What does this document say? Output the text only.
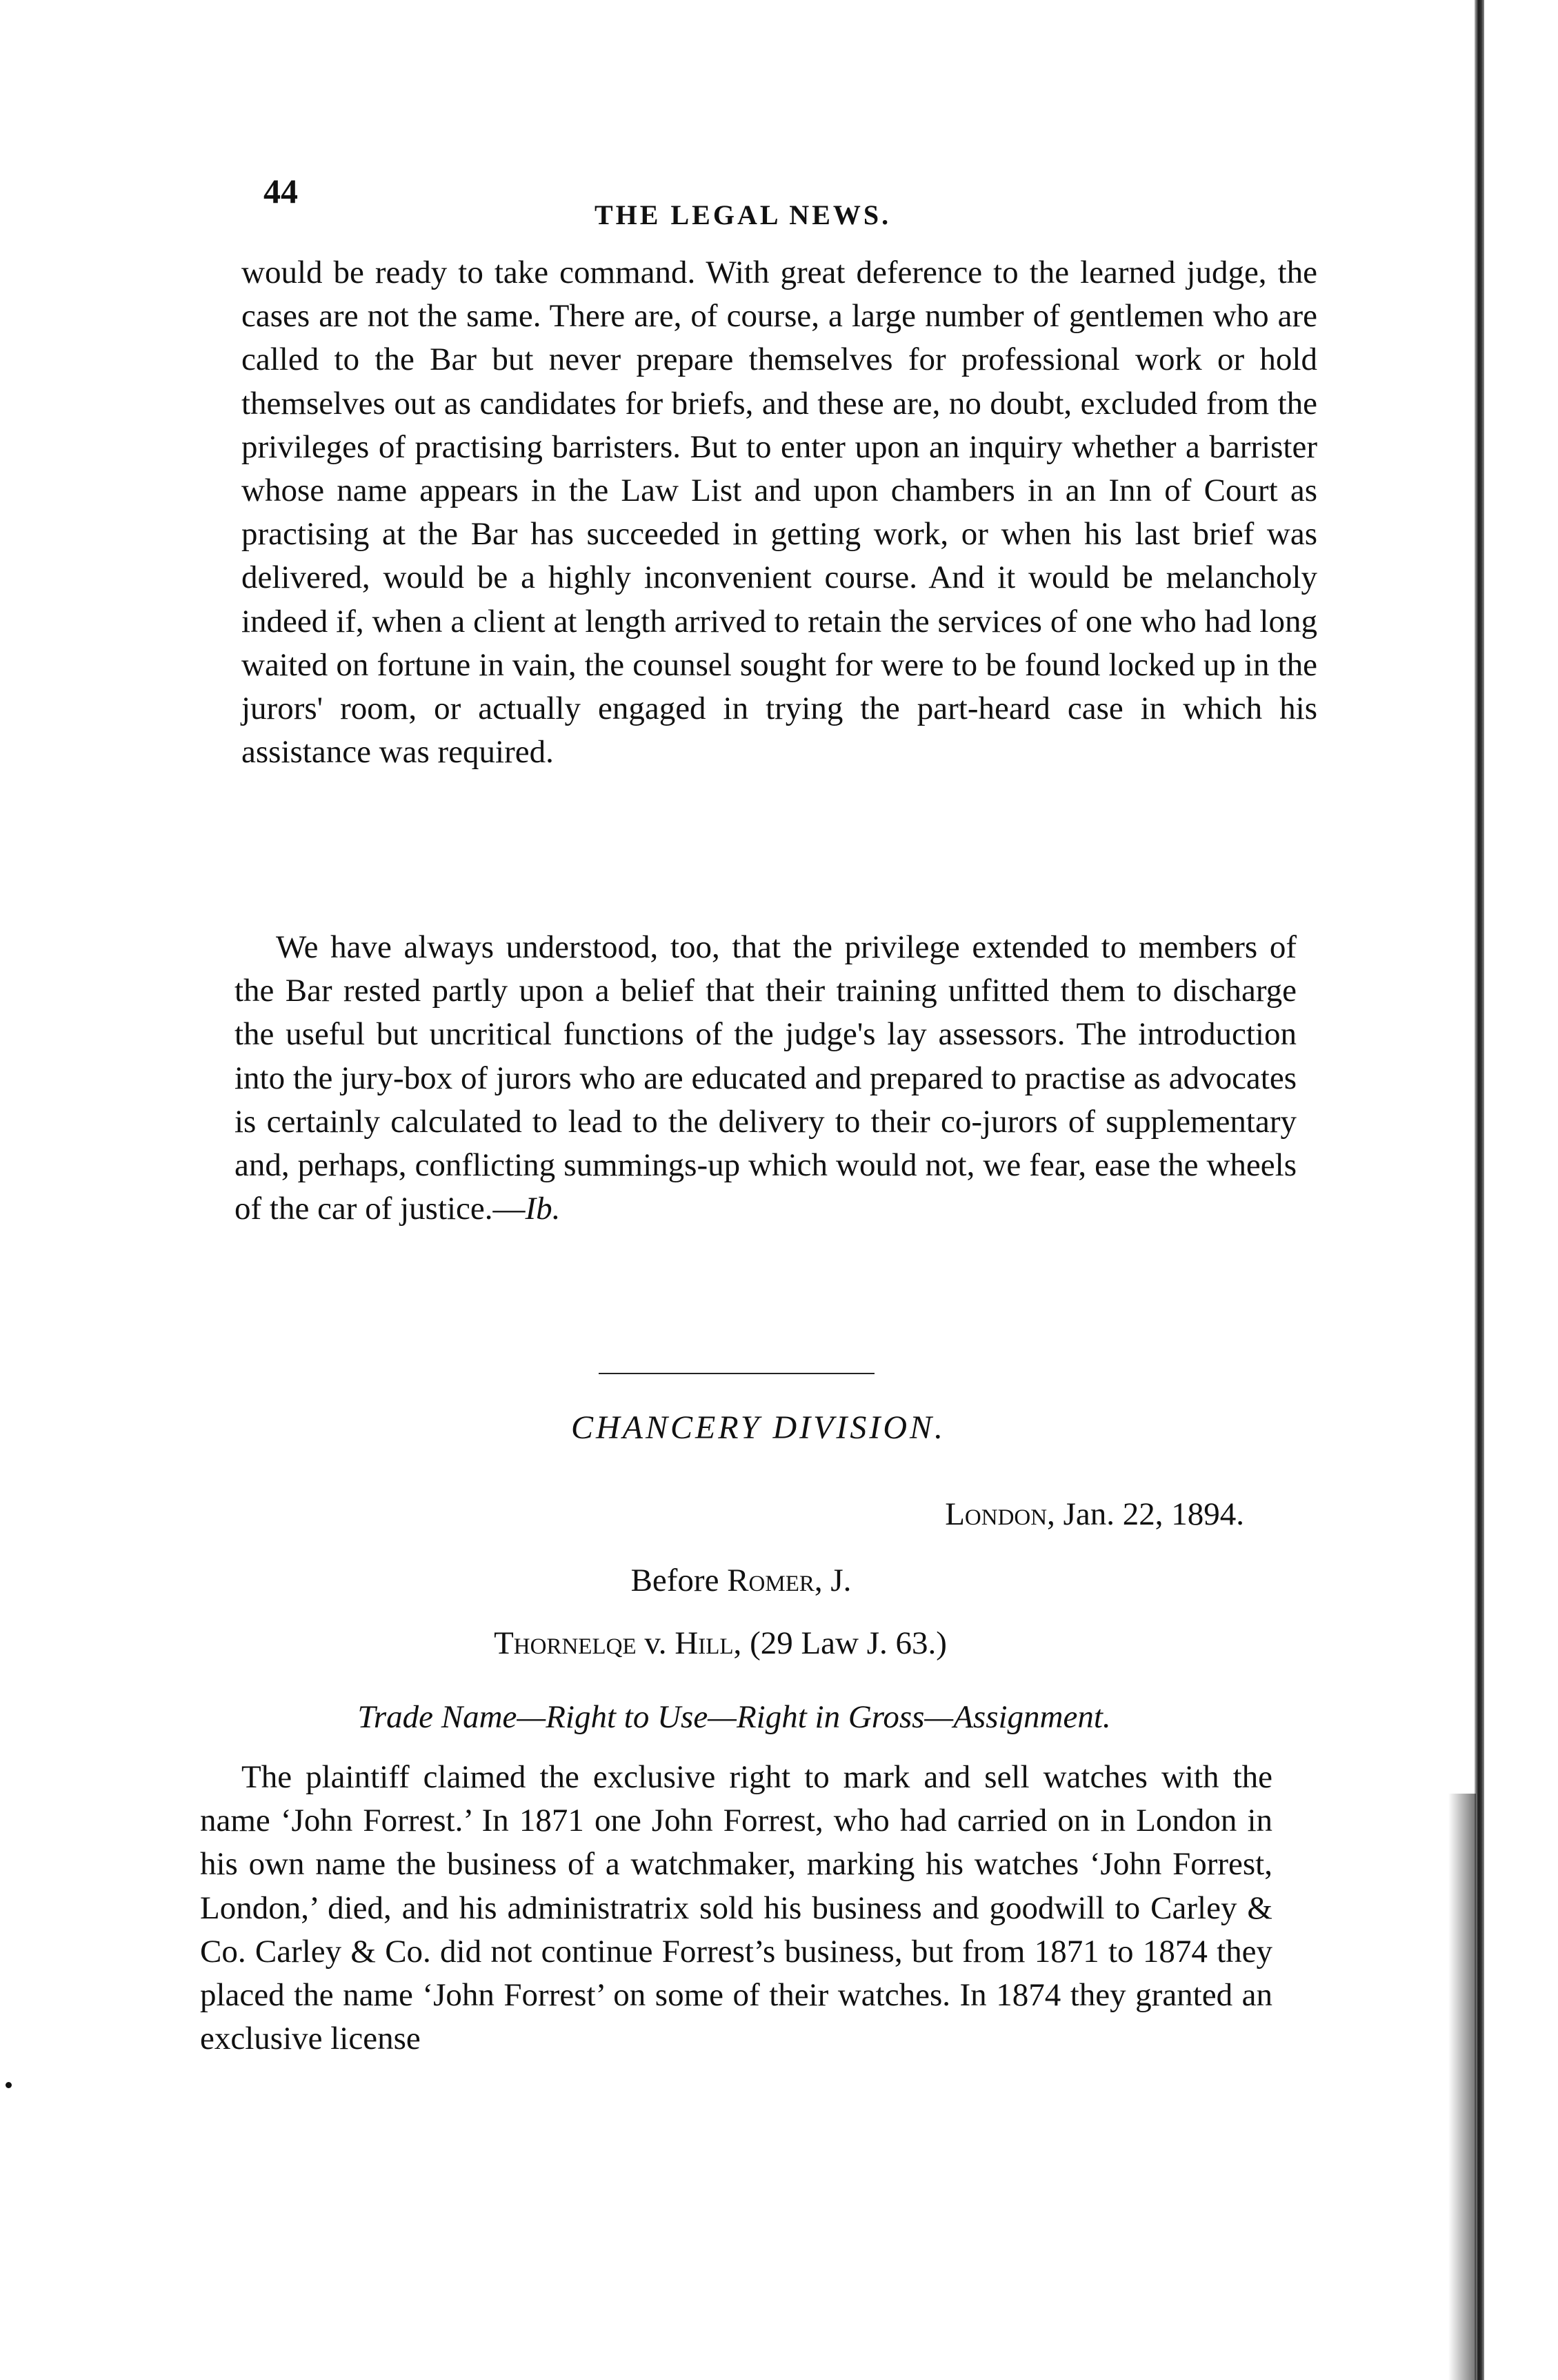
44
THE LEGAL NEWS.

would be ready to take command. With great deference to the learned judge, the cases are not the same. There are, of course, a large number of gentlemen who are called to the Bar but never prepare themselves for professional work or hold themselves out as candidates for briefs, and these are, no doubt, excluded from the privileges of practising barristers. But to enter upon an inquiry whether a barrister whose name appears in the Law List and upon chambers in an Inn of Court as practising at the Bar has succeeded in getting work, or when his last brief was delivered, would be a highly inconvenient course. And it would be melancholy indeed if, when a client at length arrived to retain the services of one who had long waited on fortune in vain, the counsel sought for were to be found locked up in the jurors' room, or actually engaged in trying the part-heard case in which his assistance was required.

We have always understood, too, that the privilege extended to members of the Bar rested partly upon a belief that their training unfitted them to discharge the useful but uncritical functions of the judge's lay assessors. The introduction into the jury-box of jurors who are educated and prepared to practise as advocates is certainly calculated to lead to the delivery to their co-jurors of supplementary and, perhaps, conflicting summings-up which would not, we fear, ease the wheels of the car of justice.—Ib.

CHANCERY DIVISION.
London, Jan. 22, 1894.
Before Romer, J.
Thornelqe v. Hill, (29 Law J. 63.)
Trade Name—Right to Use—Right in Gross—Assignment.

The plaintiff claimed the exclusive right to mark and sell watches with the name ‘John Forrest.’ In 1871 one John Forrest, who had carried on in London in his own name the business of a watchmaker, marking his watches ‘John Forrest, London,’ died, and his administratrix sold his business and goodwill to Carley & Co. Carley & Co. did not continue Forrest’s business, but from 1871 to 1874 they placed the name ‘John Forrest’ on some of their watches. In 1874 they granted an exclusive license
